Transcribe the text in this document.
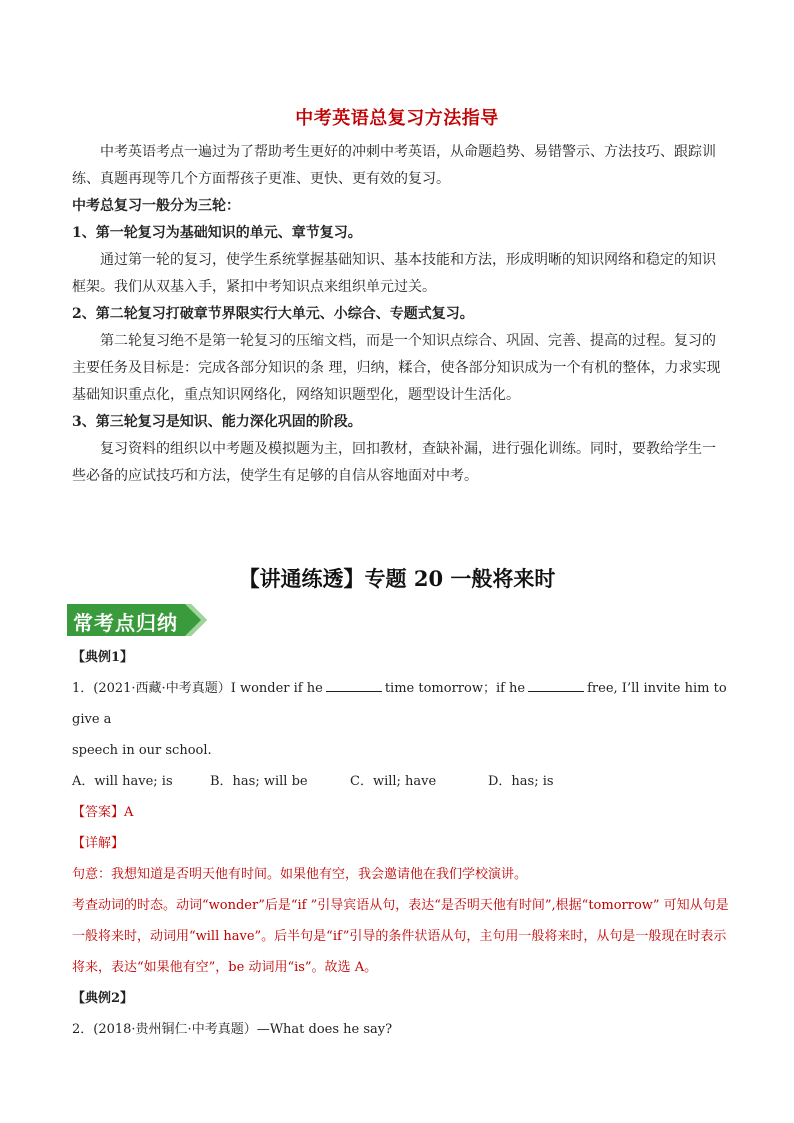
中考英语总复习方法指导

中考英语考点一遍过为了帮助考生更好的冲刺中考英语，从命题趋势、易错警示、方法技巧、跟踪训练、真题再现等几个方面帮孩子更准、更快、更有效的复习。

中考总复习一般分为三轮：

1、第一轮复习为基础知识的单元、章节复习。

通过第一轮的复习，使学生系统掌握基础知识、基本技能和方法，形成明晰的知识网络和稳定的知识框架。我们从双基入手，紧扣中考知识点来组织单元过关。

2、第二轮复习打破章节界限实行大单元、小综合、专题式复习。

第二轮复习绝不是第一轮复习的压缩文档，而是一个知识点综合、巩固、完善、提高的过程。复习的主要任务及目标是：完成各部分知识的条 理，归纳，糅合，使各部分知识成为一个有机的整体，力求实现基础知识重点化，重点知识网络化，网络知识题型化，题型设计生活化。

3、第三轮复习是知识、能力深化巩固的阶段。

复习资料的组织以中考题及模拟题为主，回扣教材，查缺补漏，进行强化训练。同时，要教给学生一些必备的应试技巧和方法，使学生有足够的自信从容地面对中考。

【讲通练透】专题 20 一般将来时
常考点归纳

【典例1】

1．(2021·西藏·中考真题）I wonder if he	time tomorrow；if he	free, I’ll invite him to give a

speech in our school.

A．will have; is	B．has; will be	C．will; have	D．has; is

【答案】A

【详解】

句意：我想知道是否明天他有时间。如果他有空，我会邀请他在我们学校演讲。

考查动词的时态。动词“wonder”后是“if ”引导宾语从句，表达“是否明天他有时间”,根据“tomorrow” 可知从句是一般将来时，动词用“will have”。后半句是“if”引导的条件状语从句，主句用一般将来时，从句是一般现在时表示将来，表达“如果他有空”，be 动词用“is”。故选 A。

【典例2】

2．(2018·贵州铜仁·中考真题）—What does he say?
